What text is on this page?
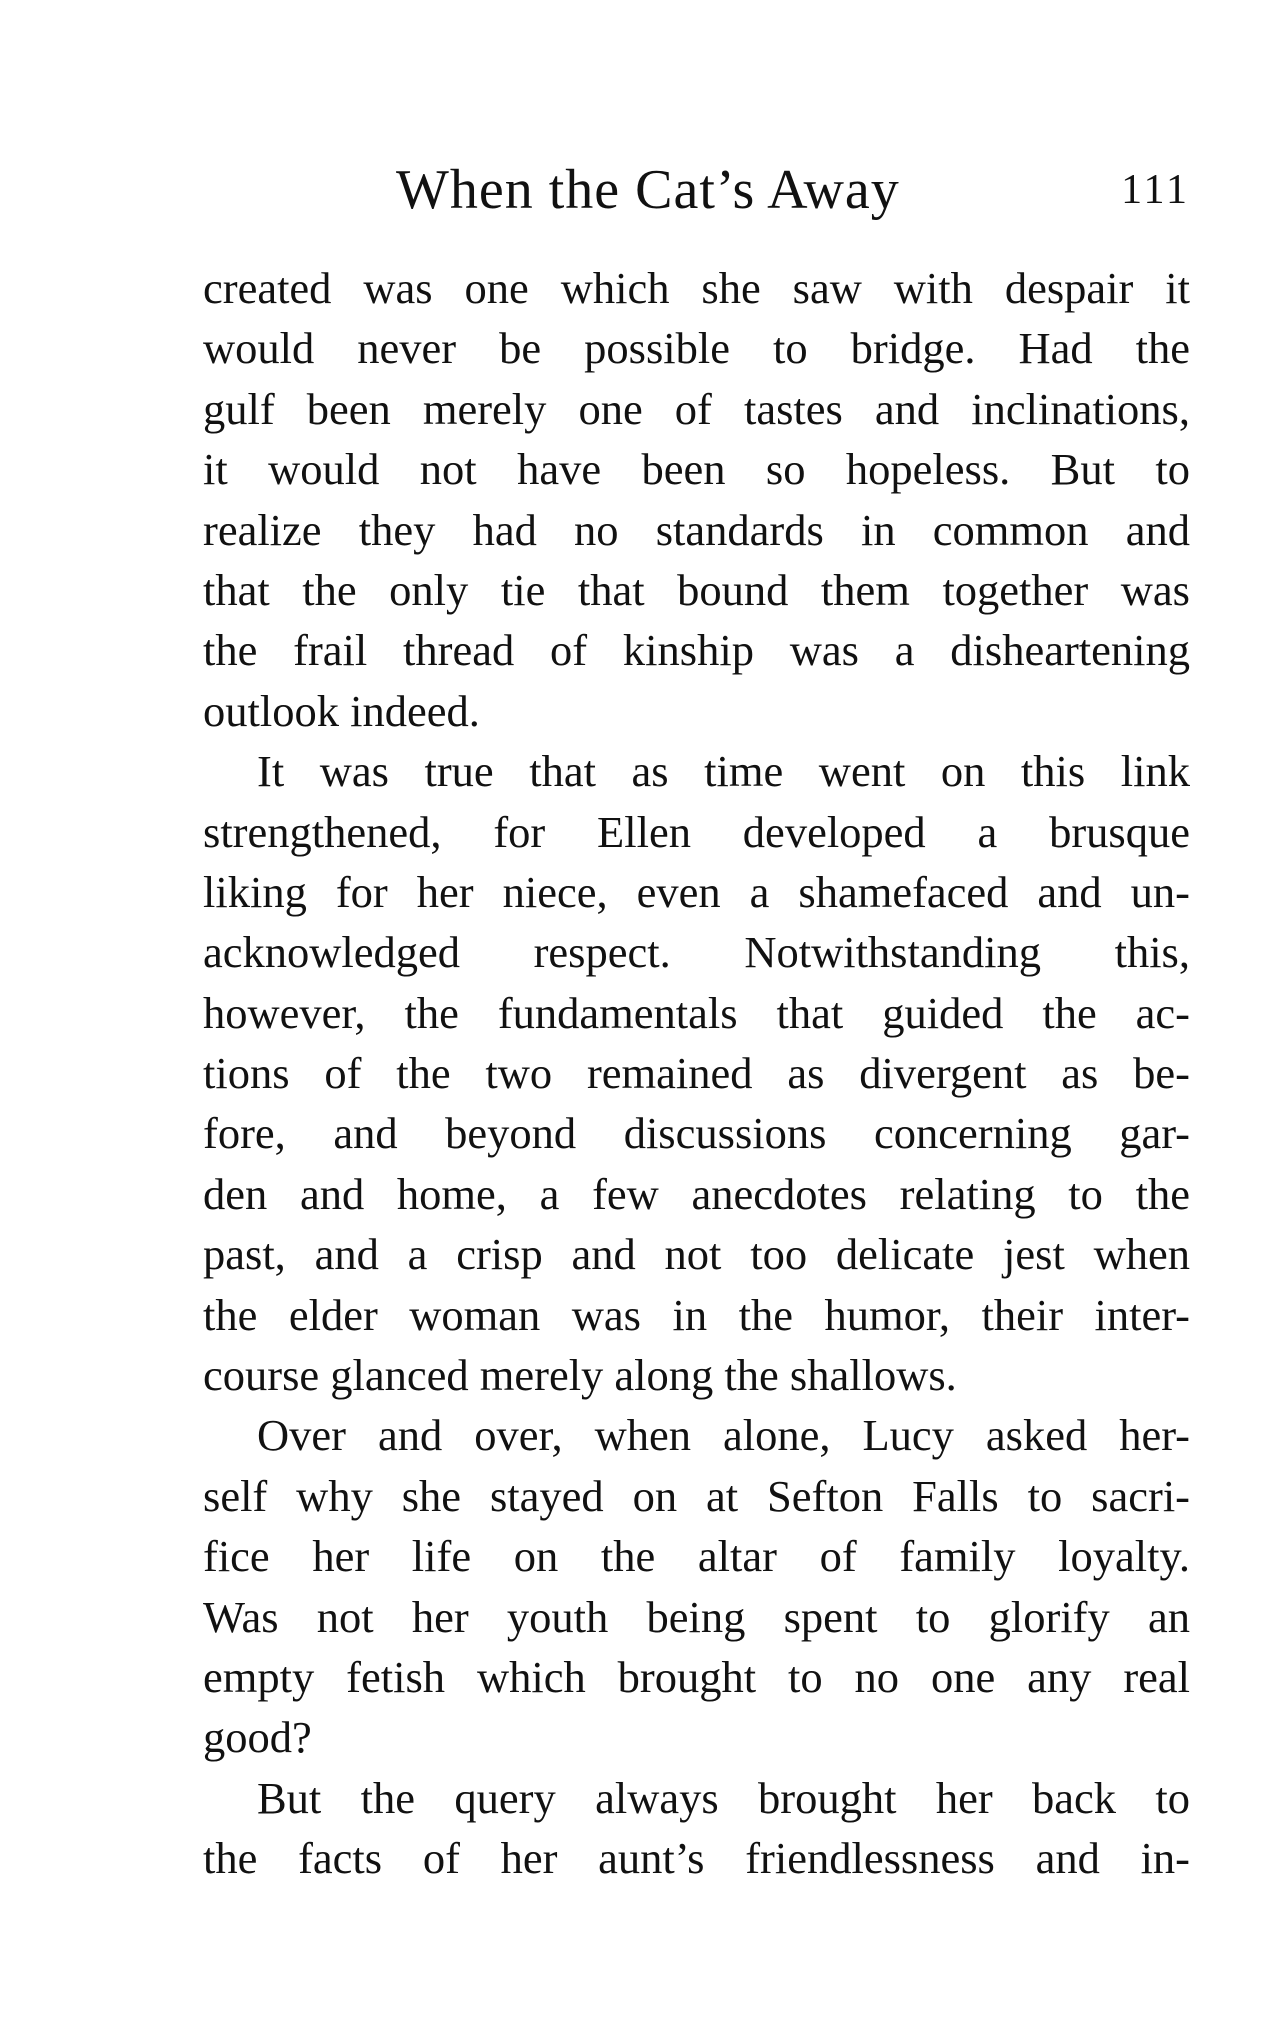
When the Cat’s Away	111
created was one which she saw with despair it
would never be possible to bridge. Had the
gulf been merely one of tastes and inclinations,
it would not have been so hopeless. But to
realize they had no standards in common and
that the only tie that bound them together was
the frail thread of kinship was a disheartening
outlook indeed.
It was true that as time went on this link
strengthened, for Ellen developed a brusque
liking for her niece, even a shamefaced and un-
acknowledged respect. Notwithstanding this,
however, the fundamentals that guided the ac-
tions of the two remained as divergent as be-
fore, and beyond discussions concerning gar-
den and home, a few anecdotes relating to the
past, and a crisp and not too delicate jest when
the elder woman was in the humor, their inter-
course glanced merely along the shallows.
Over and over, when alone, Lucy asked her-
self why she stayed on at Sefton Falls to sacri-
fice her life on the altar of family loyalty.
Was not her youth being spent to glorify an
empty fetish which brought to no one any real
good?
But the query always brought her back to
the facts of her aunt’s friendlessness and in-
